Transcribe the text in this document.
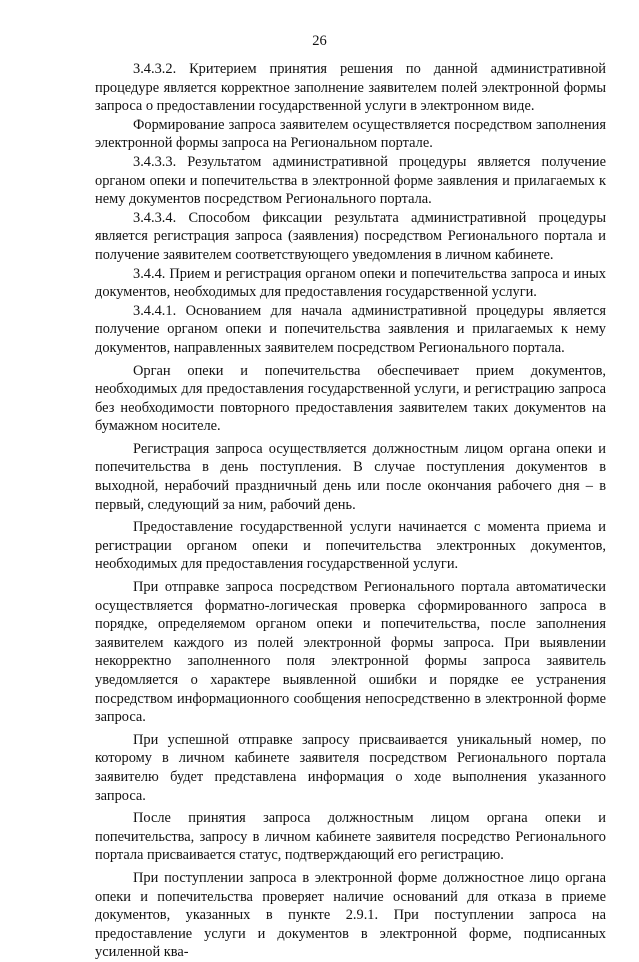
26

3.4.3.2. Критерием принятия решения по данной административной процедуре является корректное заполнение заявителем полей электронной формы запроса о предоставлении государственной услуги в электронном виде.

Формирование запроса заявителем осуществляется посредством заполнения электронной формы запроса на Региональном портале.

3.4.3.3. Результатом административной процедуры является получение органом опеки и попечительства в электронной форме заявления и прилагаемых к нему документов посредством Регионального портала.

3.4.3.4. Способом фиксации результата административной процедуры является регистрация запроса (заявления) посредством Регионального портала и получение заявителем соответствующего уведомления в личном кабинете.

3.4.4. Прием и регистрация органом опеки и попечительства запроса и иных документов, необходимых для предоставления государственной услуги.

3.4.4.1. Основанием для начала административной процедуры является получение органом опеки и попечительства заявления и прилагаемых к нему документов, направленных заявителем посредством Регионального портала.

Орган опеки и попечительства обеспечивает прием документов, необходимых для предоставления государственной услуги, и регистрацию запроса без необходимости повторного предоставления заявителем таких документов на бумажном носителе.

Регистрация запроса осуществляется должностным лицом органа опеки и попечительства в день поступления. В случае поступления документов в выходной, нерабочий праздничный день или после окончания рабочего дня – в первый, следующий за ним, рабочий день.

Предоставление государственной услуги начинается с момента приема и регистрации органом опеки и попечительства электронных документов, необходимых для предоставления государственной услуги.

При отправке запроса посредством Регионального портала автоматически осуществляется форматно-логическая проверка сформированного запроса в порядке, определяемом органом опеки и попечительства, после заполнения заявителем каждого из полей электронной формы запроса. При выявлении некорректно заполненного поля электронной формы запроса заявитель уведомляется о характере выявленной ошибки и порядке ее устранения посредством информационного сообщения непосредственно в электронной форме запроса.

При успешной отправке запросу присваивается уникальный номер, по которому в личном кабинете заявителя посредством Регионального портала заявителю будет представлена информация о ходе выполнения указанного запроса.

После принятия запроса должностным лицом органа опеки и попечительства, запросу в личном кабинете заявителя посредство Регионального портала присваивается статус, подтверждающий его регистрацию.

При поступлении запроса в электронной форме должностное лицо органа опеки и попечительства проверяет наличие оснований для отказа в приеме документов, указанных в пункте 2.9.1. При поступлении запроса на предоставление услуги и документов в электронной форме, подписанных усиленной ква-
